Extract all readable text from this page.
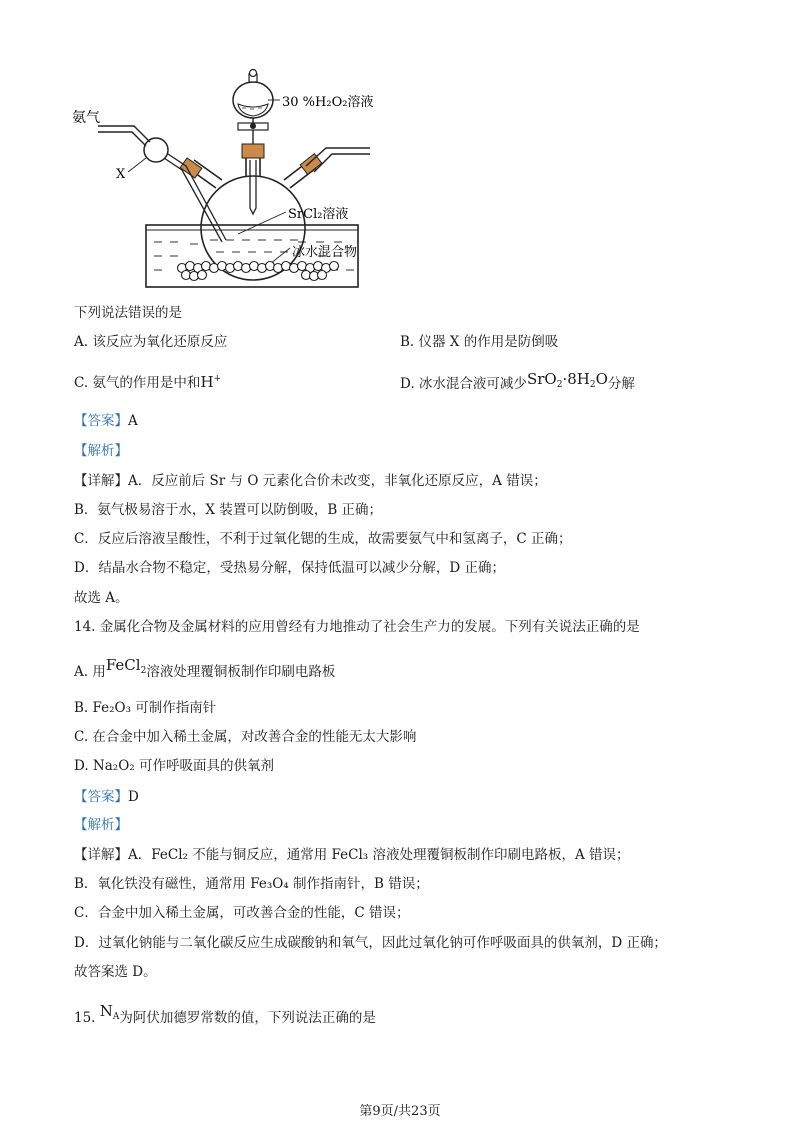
氨气
X
30 %H₂O₂溶液
SrCl₂溶液
冰水混合物
下列说法错误的是
A. 该反应为氧化还原反应	B. 仪器 X 的作用是防倒吸
C. 氨气的作用是中和H+	D. 冰水混合液可减少$SrO_2\cdot 8H_2O$分解
【答案】A
【解析】
【详解】A．反应前后 Sr 与 O 元素化合价未改变，非氧化还原反应，A 错误；
B．氨气极易溶于水，X 装置可以防倒吸，B 正确；
C．反应后溶液呈酸性，不利于过氧化锶的生成，故需要氨气中和氢离子，C 正确；
D．结晶水合物不稳定，受热易分解，保持低温可以减少分解，D 正确；
故选 A。
14. 金属化合物及金属材料的应用曾经有力地推动了社会生产力的发展。下列有关说法正确的是
A. 用FeCl$_2$溶液处理覆铜板制作印刷电路板
B. Fe₂O₃ 可制作指南针
C. 在合金中加入稀土金属，对改善合金的性能无太大影响
D. Na₂O₂ 可作呼吸面具的供氧剂
【答案】D
【解析】
【详解】A．FeCl₂ 不能与铜反应，通常用 FeCl₃ 溶液处理覆铜板制作印刷电路板，A 错误；
B．氧化铁没有磁性，通常用 Fe₃O₄ 制作指南针，B 错误；
C．合金中加入稀土金属，可改善合金的性能，C 错误；
D．过氧化钠能与二氧化碳反应生成碳酸钠和氧气，因此过氧化钠可作呼吸面具的供氧剂，D 正确；
故答案选 D。
15. $N_A$为阿伏加德罗常数的值，下列说法正确的是
第9页/共23页
